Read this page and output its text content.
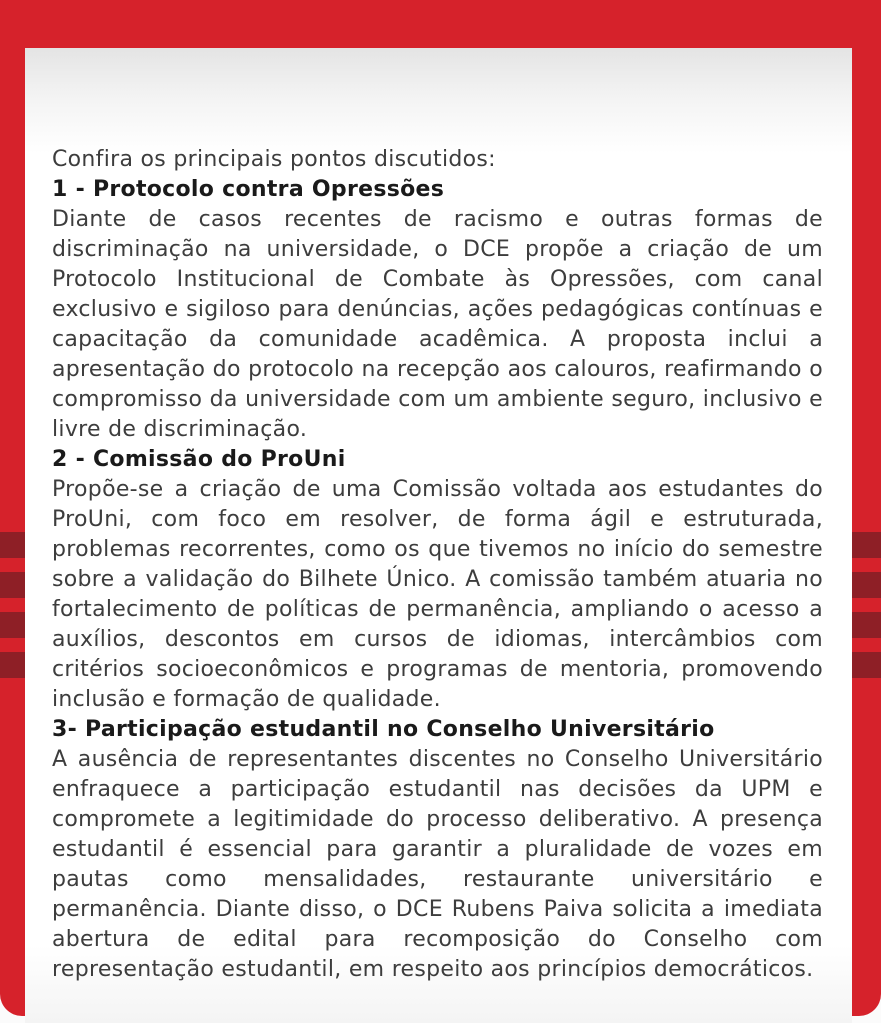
Confira os principais pontos discutidos:

1 - Protocolo contra Opressões

Diante de casos recentes de racismo e outras formas de discriminação na universidade, o DCE propõe a criação de um Protocolo Institucional de Combate às Opressões, com canal exclusivo e sigiloso para denúncias, ações pedagógicas contínuas e capacitação da comunidade acadêmica. A proposta inclui a apresentação do protocolo na recepção aos calouros, reafirmando o compromisso da universidade com um ambiente seguro, inclusivo e livre de discriminação.

2 - Comissão do ProUni

Propõe-se a criação de uma Comissão voltada aos estudantes do ProUni, com foco em resolver, de forma ágil e estruturada, problemas recorrentes, como os que tivemos no início do semestre sobre a validação do Bilhete Único. A comissão também atuaria no fortalecimento de políticas de permanência, ampliando o acesso a auxílios, descontos em cursos de idiomas, intercâmbios com critérios socioeconômicos e programas de mentoria, promovendo inclusão e formação de qualidade.

3- Participação estudantil no Conselho Universitário

A ausência de representantes discentes no Conselho Universitário enfraquece a participação estudantil nas decisões da UPM e compromete a legitimidade do processo deliberativo. A presença estudantil é essencial para garantir a pluralidade de vozes em pautas como mensalidades, restaurante universitário e permanência. Diante disso, o DCE Rubens Paiva solicita a imediata abertura de edital para recomposição do Conselho com representação estudantil, em respeito aos princípios democráticos.
